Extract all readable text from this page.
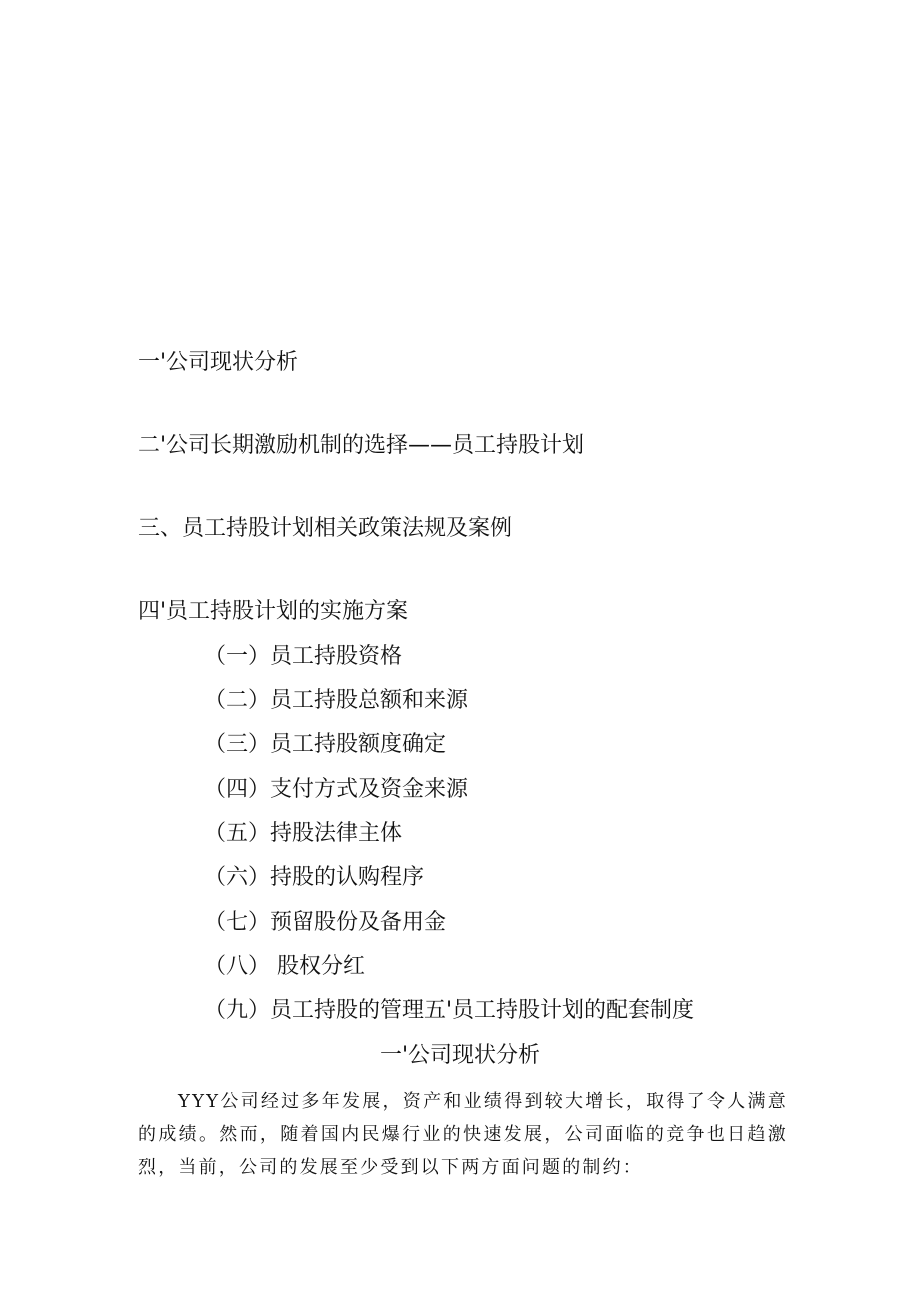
一'公司现状分析
二'公司长期激励机制的选择——员工持股计划
三、员工持股计划相关政策法规及案例
四'员工持股计划的实施方案
（一）员工持股资格
（二）员工持股总额和来源
（三）员工持股额度确定
（四）支付方式及资金来源
（五）持股法律主体
（六）持股的认购程序
（七）预留股份及备用金
（八） 股权分红
（九）员工持股的管理五'员工持股计划的配套制度
一'公司现状分析
YYY公司经过多年发展，资产和业绩得到较大增长，取得了令人满意的成绩。然而，随着国内民爆行业的快速发展，公司面临的竞争也日趋激烈，当前，公司的发展至少受到以下两方面问题的制约：
